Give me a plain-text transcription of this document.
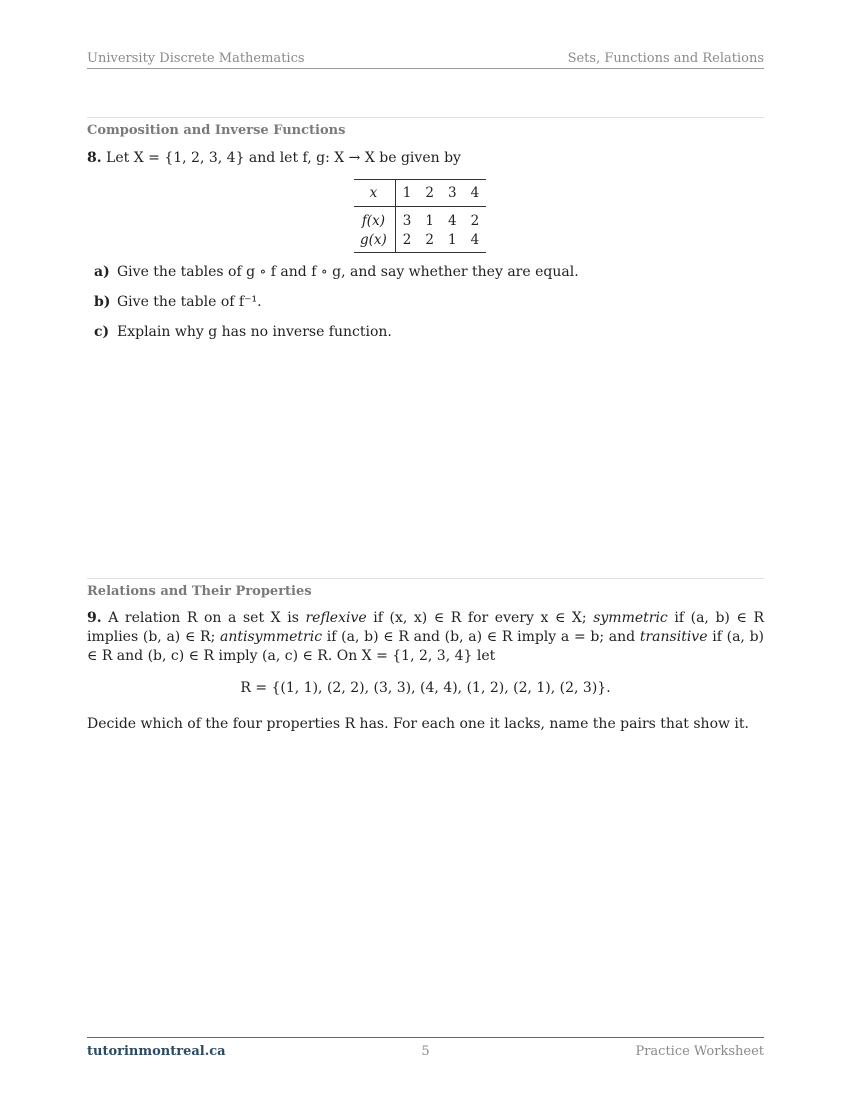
University Discrete Mathematics	Sets, Functions and Relations
Composition and Inverse Functions
8. Let X = {1, 2, 3, 4} and let f, g: X → X be given by
x	1	2	3	4
f(x)	3	1	4	2
g(x)	2	2	1	4
a) Give the tables of g ∘ f and f ∘ g, and say whether they are equal.
b) Give the table of f⁻¹.
c) Explain why g has no inverse function.
Relations and Their Properties
9. A relation R on a set X is reflexive if (x, x) ∈ R for every x ∈ X; symmetric if (a, b) ∈ R implies (b, a) ∈ R; antisymmetric if (a, b) ∈ R and (b, a) ∈ R imply a = b; and transitive if (a, b) ∈ R and (b, c) ∈ R imply (a, c) ∈ R. On X = {1, 2, 3, 4} let
R = {(1, 1), (2, 2), (3, 3), (4, 4), (1, 2), (2, 1), (2, 3)}.
Decide which of the four properties R has. For each one it lacks, name the pairs that show it.
tutorinmontreal.ca	5	Practice Worksheet
